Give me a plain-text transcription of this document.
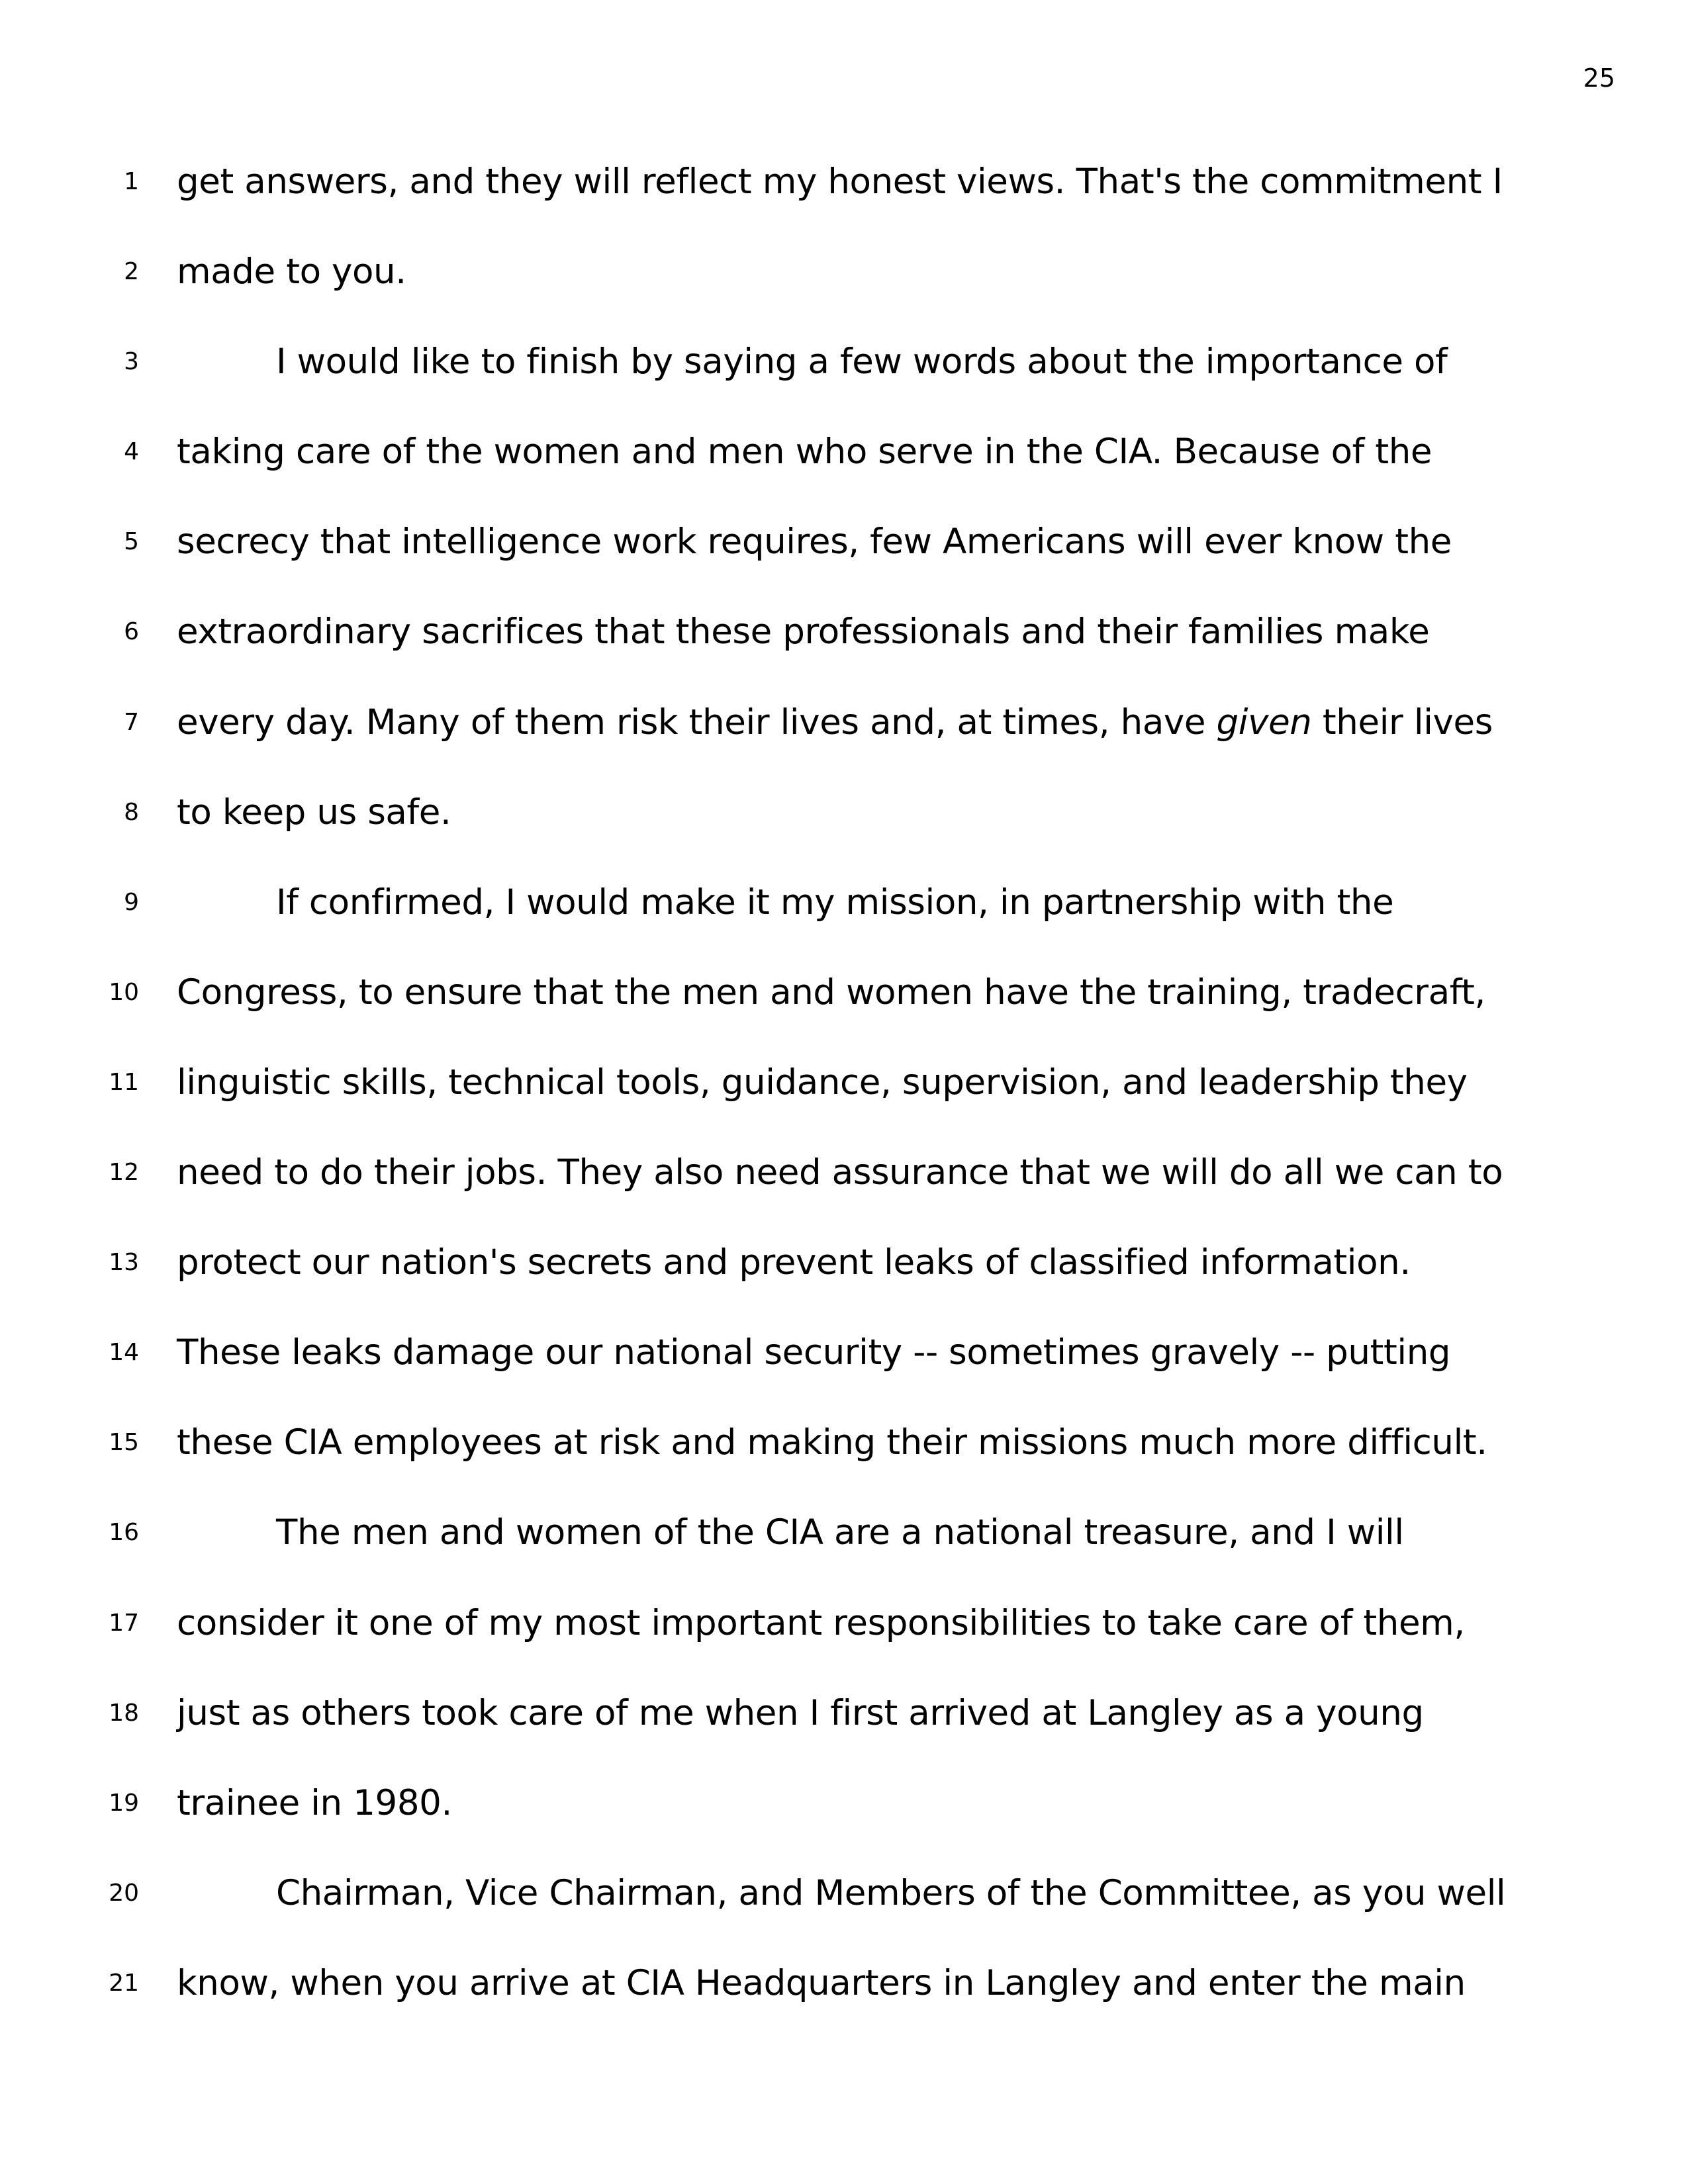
25
1 get answers, and they will reflect my honest views. That's the commitment I
2 made to you.
3	I would like to finish by saying a few words about the importance of
4 taking care of the women and men who serve in the CIA. Because of the
5 secrecy that intelligence work requires, few Americans will ever know the
6 extraordinary sacrifices that these professionals and their families make
7 every day. Many of them risk their lives and, at times, have given their lives
8 to keep us safe.
9	If confirmed, I would make it my mission, in partnership with the
10 Congress, to ensure that the men and women have the training, tradecraft,
11 linguistic skills, technical tools, guidance, supervision, and leadership they
12 need to do their jobs. They also need assurance that we will do all we can to
13 protect our nation's secrets and prevent leaks of classified information.
14 These leaks damage our national security -- sometimes gravely -- putting
15 these CIA employees at risk and making their missions much more difficult.
16	The men and women of the CIA are a national treasure, and I will
17 consider it one of my most important responsibilities to take care of them,
18 just as others took care of me when I first arrived at Langley as a young
19 trainee in 1980.
20	Chairman, Vice Chairman, and Members of the Committee, as you well
21 know, when you arrive at CIA Headquarters in Langley and enter the main
